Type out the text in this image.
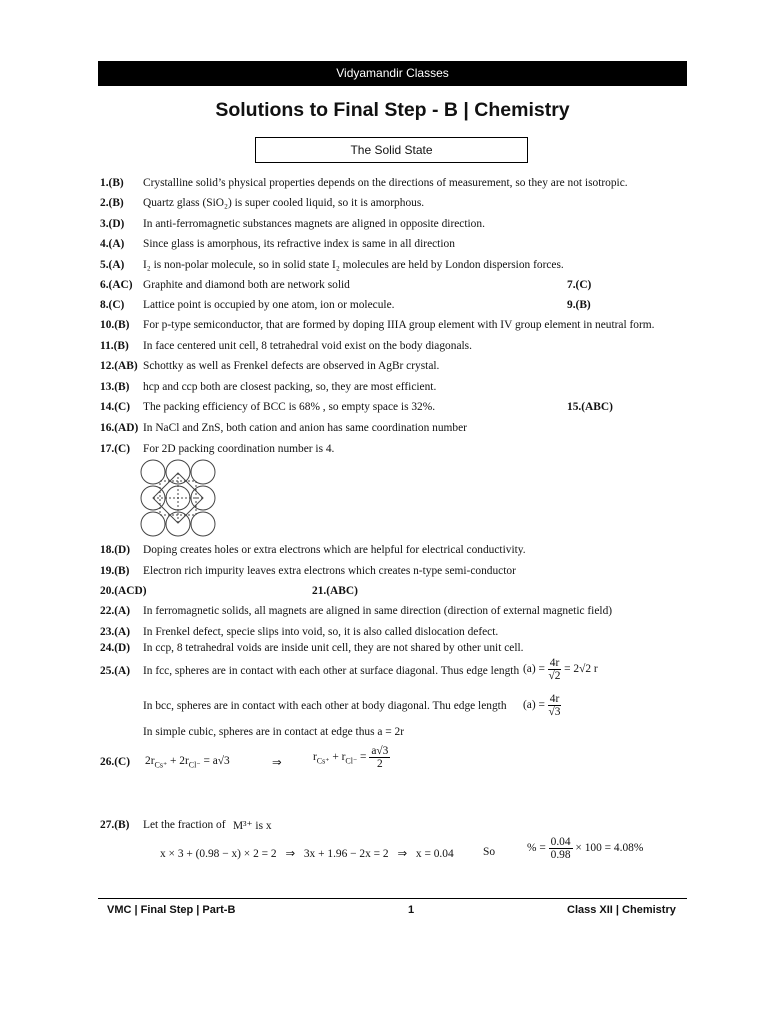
Vidyamandir Classes
Solutions to Final Step - B | Chemistry
The Solid State
1.(B) Crystalline solid’s physical properties depends on the directions of measurement, so they are not isotropic.
2.(B) Quartz glass (SiO₂) is super cooled liquid, so it is amorphous.
3.(D) In anti-ferromagnetic substances magnets are aligned in opposite direction.
4.(A) Since glass is amorphous, its refractive index is same in all direction
5.(A) I₂ is non-polar molecule, so in solid state I₂ molecules are held by London dispersion forces.
6.(AC) Graphite and diamond both are network solid	7.(C)
8.(C) Lattice point is occupied by one atom, ion or molecule.	9.(B)
10.(B) For p-type semiconductor, that are formed by doping IIIA group element with IV group element in neutral form.
11.(B) In face centered unit cell, 8 tetrahedral void exist on the body diagonals.
12.(AB) Schottky as well as Frenkel defects are observed in AgBr crystal.
13.(B) hcp and ccp both are closest packing, so, they are most efficient.
14.(C) The packing efficiency of BCC is 68% , so empty space is 32%.	15.(ABC)
16.(AD) In NaCl and ZnS, both cation and anion has same coordination number
17.(C) For 2D packing coordination number is 4.
18.(D) Doping creates holes or extra electrons which are helpful for electrical conductivity.
19.(B) Electron rich impurity leaves extra electrons which creates n-type semi-conductor
20.(ACD)	21.(ABC)
22.(A) In ferromagnetic solids, all magnets are aligned in same direction (direction of external magnetic field)
23.(A) In Frenkel defect, specie slips into void, so, it is also called dislocation defect.
24.(D) In ccp, 8 tetrahedral voids are inside unit cell, they are not shared by other unit cell.
25.(A) In fcc, spheres are in contact with each other at surface diagonal. Thus edge length
In bcc, spheres are in contact with each other at body diagonal. Thu edge length
In simple cubic, spheres are in contact at edge thus a = 2r
26.(C)
27.(B) Let the fraction of
$(a) = \frac{4r}{√2} = 2√2$ r
$(a) = \frac{4r}{√3}$
$2r_{Cs^+} + 2r_{Cl^-} = a√3$	⇒	$r_{Cs^+} + r_{Cl^-} = \frac{a√3}{2}$
M³⁺ is x
x × 3 + (0.98 − x) × 2 = 2 ⇒ 3x + 1.96 − 2x = 2 ⇒ x = 0.04	So	% = $\frac{0.04}{0.98} \times 100 = 4.08\%$
VMC | Final Step | Part-B	1	Class XII | Chemistry
